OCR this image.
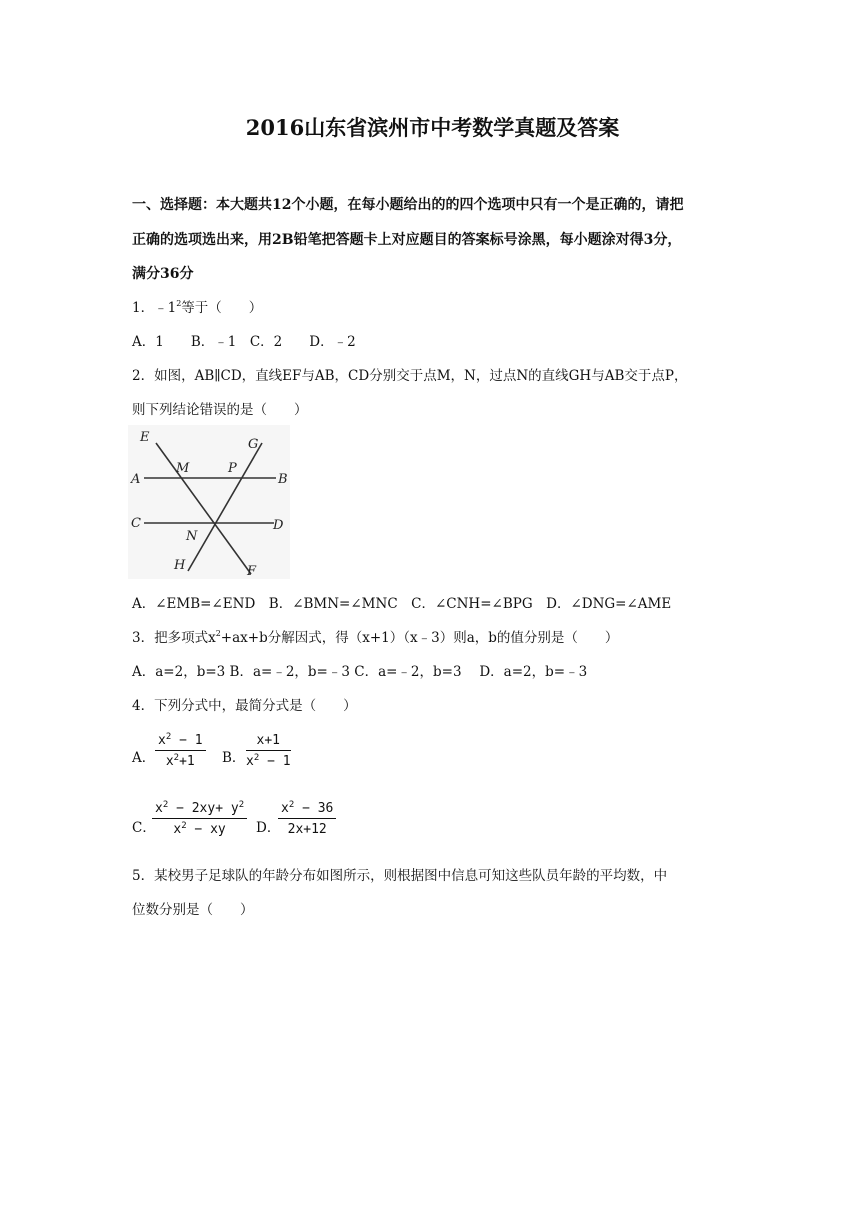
2016山东省滨州市中考数学真题及答案
一、选择题：本大题共12个小题，在每小题给出的的四个选项中只有一个是正确的，请把
正确的选项选出来，用2B铅笔把答题卡上对应题目的答案标号涂黑，每小题涂对得3分，
满分36分
1．$﹣1^2$等于（　　）
A．1　　B．﹣1　C．2　　D．﹣2
2．如图，AB∥CD，直线EF与AB，CD分别交于点M，N，过点N的直线GH与AB交于点P，
则下列结论错误的是（　　）
E	G
M	P
A	B
C	D
N
H	F
A．∠EMB=∠END　B．∠BMN=∠MNC　C．∠CNH=∠BPG　D．∠DNG=∠AME
3．把多项式$x^2+ax+b$分解因式，得（x+1）（x﹣3）则a，b的值分别是（　　）
A．a=2，b=3 B．a=﹣2，b=﹣3 C．a=﹣2，b=3　 D．a=2，b=﹣3
4．下列分式中，最简分式是（　　）
A． $\frac{x^2 - 1}{x^2+1}$ B． $\frac{x+1}{x^2 - 1}$
C．
$\frac{x^2 - 2xy+ y^2}{x^2 - xy}$ D．
$\frac{x^2 - 36}{2x+12}$
5．某校男子足球队的年龄分布如图所示，则根据图中信息可知这些队员年龄的平均数，中
位数分别是（　　）
